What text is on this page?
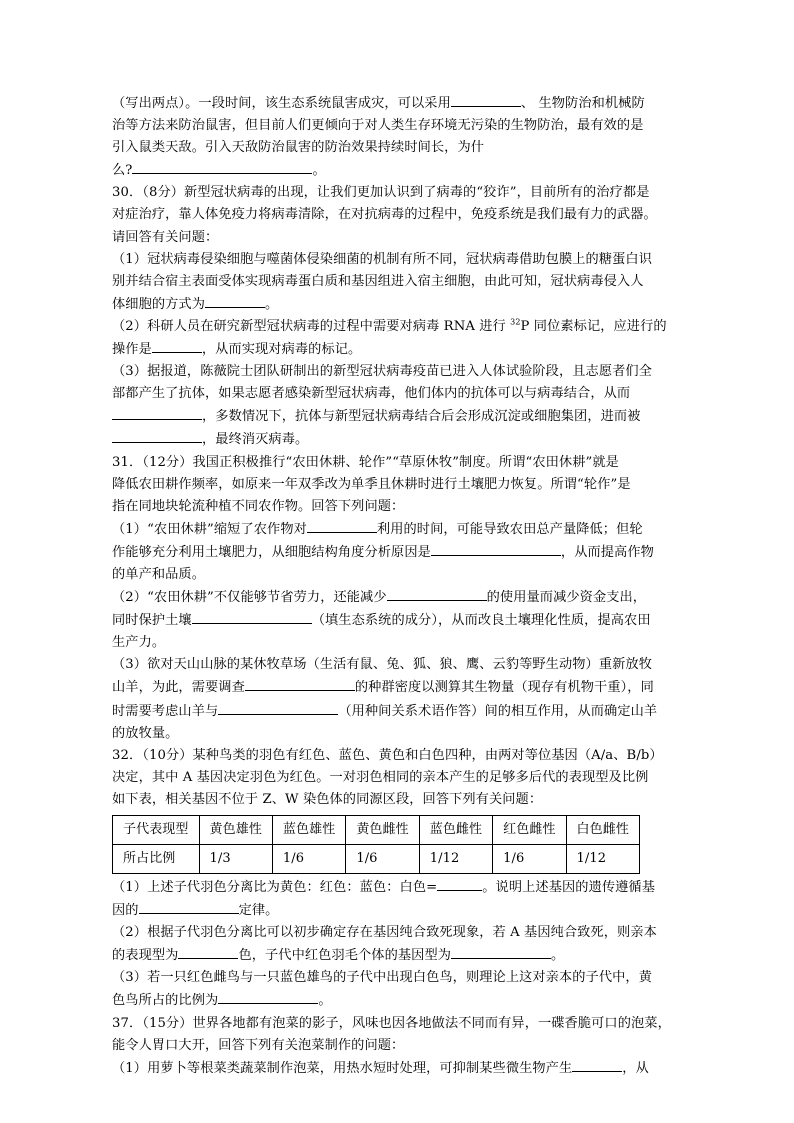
（写出两点）。一段时间，该生态系统鼠害成灾，可以采用	、 生物防治和机械防

治等方法来防治鼠害，但目前人们更倾向于对人类生存环境无污染的生物防治，最有效的是

引入鼠类天敌。引入天敌防治鼠害的防治效果持续时间长，为什

么?	。

30．（8分）新型冠状病毒的出现，让我们更加认识到了病毒的“狡诈”，目前所有的治疗都是

对症治疗，靠人体免疫力将病毒清除，在对抗病毒的过程中，免疫系统是我们最有力的武器。

请回答有关问题：

（1）冠状病毒侵染细胞与噬菌体侵染细菌的机制有所不同，冠状病毒借助包膜上的糖蛋白识

别并结合宿主表面受体实现病毒蛋白质和基因组进入宿主细胞，由此可知，冠状病毒侵入人

体细胞的方式为	。

（2）科研人员在研究新型冠状病毒的过程中需要对病毒 RNA 进行 $^{32}$P 同位素标记，应进行的

操作是	，从而实现对病毒的标记。

（3）据报道，陈薇院士团队研制出的新型冠状病毒疫苗已进入人体试验阶段，且志愿者们全

部都产生了抗体，如果志愿者感染新型冠状病毒，他们体内的抗体可以与病毒结合，从而

，多数情况下，抗体与新型冠状病毒结合后会形成沉淀或细胞集团，进而被

，最终消灭病毒。

31．（12分）我国正积极推行“农田休耕、轮作”“草原休牧”制度。所谓“农田休耕”就是

降低农田耕作频率，如原来一年双季改为单季且休耕时进行土壤肥力恢复。所谓“轮作”是

指在同地块轮流种植不同农作物。回答下列问题：

（1）“农田休耕”缩短了农作物对	利用的时间，可能导致农田总产量降低；但轮

作能够充分利用土壤肥力，从细胞结构角度分析原因是	，从而提高作物

的单产和品质。

（2）“农田休耕”不仅能够节省劳力，还能减少	的使用量而减少资金支出，

同时保护土壤	（填生态系统的成分），从而改良土壤理化性质，提高农田

生产力。

（3）欲对天山山脉的某休牧草场（生活有鼠、兔、狐、狼、鹰、云豹等野生动物）重新放牧

山羊，为此，需要调查	的种群密度以测算其生物量（现存有机物干重），同

时需要考虑山羊与	（用种间关系术语作答）间的相互作用，从而确定山羊

的放牧量。

32．（10分）某种鸟类的羽色有红色、蓝色、黄色和白色四种，由两对等位基因（A/a、B/b）

决定，其中 A 基因决定羽色为红色。一对羽色相同的亲本产生的足够多后代的表现型及比例

如下表，相关基因不位于 Z、W 染色体的同源区段，回答下列有关问题：

子代表现型	黄色雄性	蓝色雄性	黄色雌性	蓝色雌性	红色雌性	白色雌性
所占比例	1/3	1/6	1/6	1/12	1/6	1/12

（1）上述子代羽色分离比为黄色：红色：蓝色：白色=	。说明上述基因的遗传遵循基

因的	定律。

（2）根据子代羽色分离比可以初步确定存在基因纯合致死现象，若 A 基因纯合致死，则亲本

的表现型为	色，子代中红色羽毛个体的基因型为	。

（3）若一只红色雌鸟与一只蓝色雄鸟的子代中出现白色鸟，则理论上这对亲本的子代中，黄

色鸟所占的比例为	。

37．（15分）世界各地都有泡菜的影子，风味也因各地做法不同而有异，一碟香脆可口的泡菜，

能令人胃口大开，回答下列有关泡菜制作的问题：

（1）用萝卜等根菜类蔬菜制作泡菜，用热水短时处理，可抑制某些微生物产生	，从
